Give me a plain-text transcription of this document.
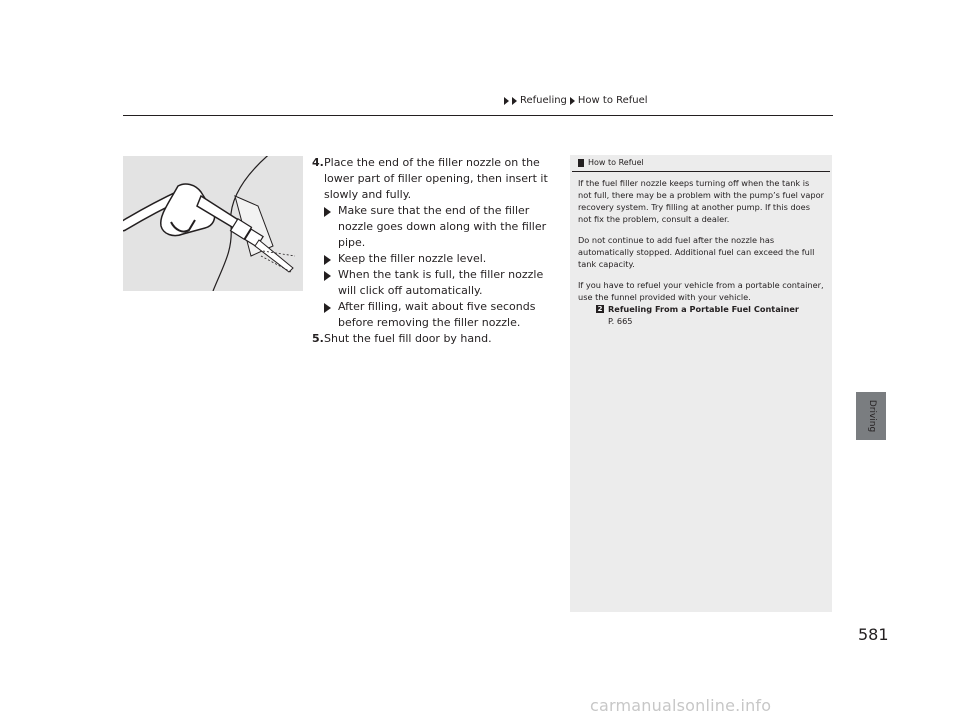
Refueling How to Refuel
Driving
4. Place the end of the filler nozzle on the lower part of filler opening, then insert it slowly and fully.
Make sure that the end of the filler nozzle goes down along with the filler pipe.
Keep the filler nozzle level.
When the tank is full, the filler nozzle will click off automatically.
After filling, wait about five seconds before removing the filler nozzle.
5. Shut the fuel fill door by hand.
How to Refuel

If the fuel filler nozzle keeps turning off when the tank is not full, there may be a problem with the pump’s fuel vapor recovery system. Try filling at another pump. If this does not fix the problem, consult a dealer.

Do not continue to add fuel after the nozzle has automatically stopped. Additional fuel can exceed the full tank capacity.

If you have to refuel your vehicle from a portable container, use the funnel provided with your vehicle.

2 Refueling From a Portable Fuel Container

P. 665

581
carmanualsonline.info
